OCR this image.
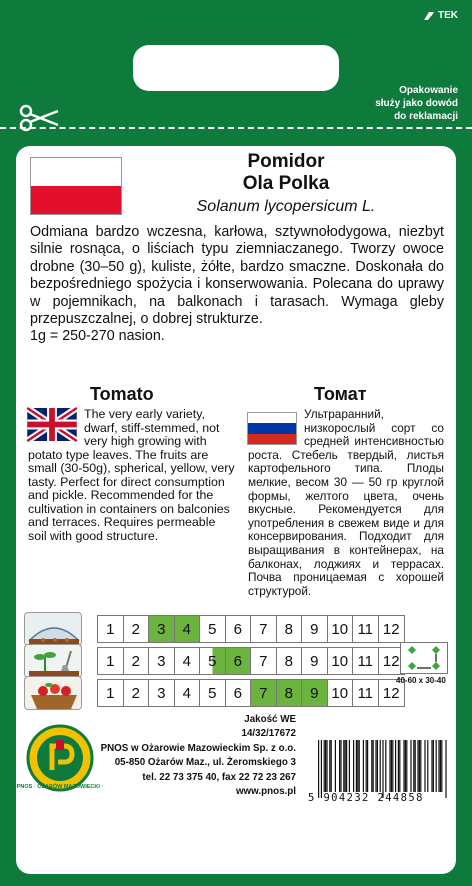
TEK
Opakowanie
służy jako dowód
do reklamacji
Pomidor
Ola Polka
Solanum lycopersicum L.
Odmiana bardzo wczesna, karłowa, sztywnołodygowa, niezbyt silnie rosnąca, o liściach typu ziemniaczanego. Tworzy owoce drobne (30–50 g), kuliste, żółte, bardzo smaczne. Doskonała do bezpośredniego spożycia i konserwowania. Polecana do uprawy w pojemnikach, na balkonach i tarasach. Wymaga gleby przepuszczalnej, o dobrej strukturze.
1g = 250-270 nasion.
Tomato	Томат
The very early variety, dwarf, stiff-stemmed, not very high growing with potato type leaves. The fruits are small (30-50g), spherical, yellow, very tasty. Perfect for direct consumption and pickle. Recommended for the cultivation in containers on balconies and terraces. Requires permeable soil with good structure.
Ультраранний, низкорослый сорт со средней интенсивностью роста. Стебель твердый, листья картофельного типа. Плоды мелкие, весом 30 — 50 гр круглой формы, желтого цвета, очень вкусные. Рекомендуется для употребления в свежем виде и для консервирования. Подходит для выращивания в контейнерах, на балконах, лоджиях и террасах. Почва проницаемая с хорошей структурой.
1	2	3	4	5	6	7	8	9 10 11 12
1	2	3	4	5	6	7	8	9 10 11 12
1	2	3	4	5	6	7	8	9 10 11 12
40-60 x 30-40
PNOS · OŻARÓW MAZOWIECKI ·
Jakość WE
14/32/17672
PNOS w Ożarowie Mazowieckim Sp. z o.o.
05-850 Ożarów Maz., ul. Żeromskiego 3
tel. 22 73 375 40, fax 22 72 23 267
www.pnos.pl
5 904232 244858
